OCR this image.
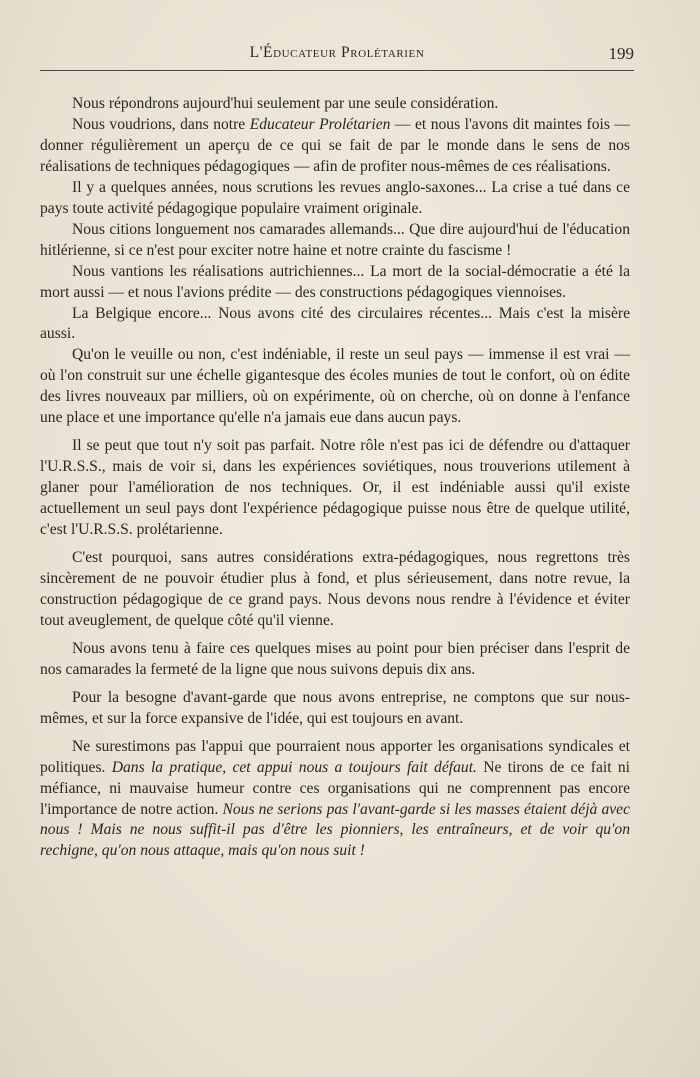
L'Éducateur Prolétarien	199

Nous répondrons aujourd'hui seulement par une seule considération.

Nous voudrions, dans notre Educateur Prolétarien — et nous l'avons dit maintes fois — donner régulièrement un aperçu de ce qui se fait de par le monde dans le sens de nos réalisations de techniques pédagogiques — afin de profiter nous-mêmes de ces réalisations.

Il y a quelques années, nous scrutions les revues anglo-saxones... La crise a tué dans ce pays toute activité pédagogique populaire vraiment originale.

Nous citions longuement nos camarades allemands... Que dire aujourd'hui de l'éducation hitlérienne, si ce n'est pour exciter notre haine et notre crainte du fascisme !

Nous vantions les réalisations autrichiennes... La mort de la social-démocratie a été la mort aussi — et nous l'avions prédite — des constructions pédagogiques viennoises.

La Belgique encore... Nous avons cité des circulaires récentes... Mais c'est la misère aussi.

Qu'on le veuille ou non, c'est indéniable, il reste un seul pays — immense il est vrai — où l'on construit sur une échelle gigantesque des écoles munies de tout le confort, où on édite des livres nouveaux par milliers, où on expérimente, où on cherche, où on donne à l'enfance une place et une importance qu'elle n'a jamais eue dans aucun pays.

Il se peut que tout n'y soit pas parfait. Notre rôle n'est pas ici de défendre ou d'attaquer l'U.R.S.S., mais de voir si, dans les expériences soviétiques, nous trouverions utilement à glaner pour l'amélioration de nos techniques. Or, il est indéniable aussi qu'il existe actuellement un seul pays dont l'expérience pédagogique puisse nous être de quelque utilité, c'est l'U.R.S.S. prolétarienne.

C'est pourquoi, sans autres considérations extra-pédagogiques, nous regrettons très sincèrement de ne pouvoir étudier plus à fond, et plus sérieusement, dans notre revue, la construction pédagogique de ce grand pays. Nous devons nous rendre à l'évidence et éviter tout aveuglement, de quelque côté qu'il vienne.

Nous avons tenu à faire ces quelques mises au point pour bien préciser dans l'esprit de nos camarades la fermeté de la ligne que nous suivons depuis dix ans.

Pour la besogne d'avant-garde que nous avons entreprise, ne comptons que sur nous-mêmes, et sur la force expansive de l'idée, qui est toujours en avant.

Ne surestimons pas l'appui que pourraient nous apporter les organisations syndicales et politiques. Dans la pratique, cet appui nous a toujours fait défaut. Ne tirons de ce fait ni méfiance, ni mauvaise humeur contre ces organisations qui ne comprennent pas encore l'importance de notre action. Nous ne serions pas l'avant-garde si les masses étaient déjà avec nous ! Mais ne nous suffit-il pas d'être les pionniers, les entraîneurs, et de voir qu'on rechigne, qu'on nous attaque, mais qu'on nous suit !
